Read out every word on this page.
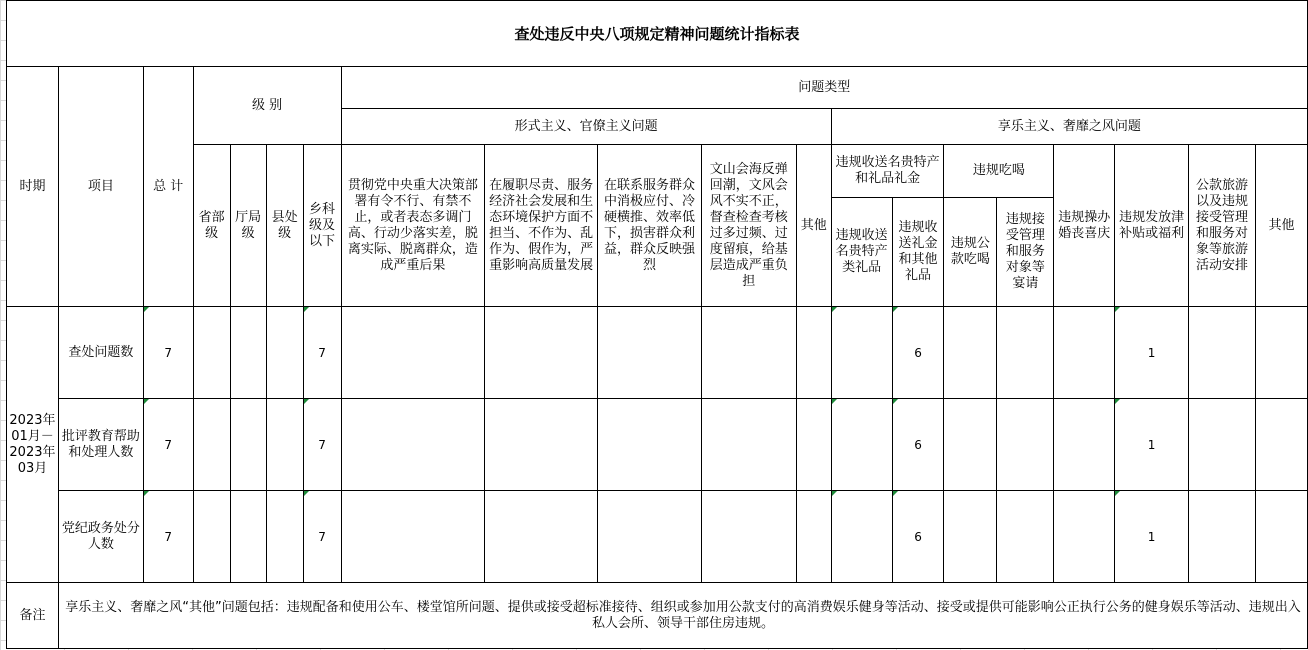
查处违反中央八项规定精神问题统计指标表																			
时期	项目	总 计	级 别				问题类型												
							形式主义、官僚主义问题					享乐主义、奢靡之风问题							
			省部级	厅局级	县处级	乡科级及以下	贯彻党中央重大决策部署有令不行、有禁不止，或者表态多调门高、行动少落实差，脱离实际、脱离群众，造成严重后果	在履职尽责、服务经济社会发展和生态环境保护方面不担当、不作为、乱作为、假作为，严重影响高质量发展	在联系服务群众中消极应付、冷硬横推、效率低下，损害群众利益，群众反映强烈	文山会海反弹回潮，文风会风不实不正，督查检查考核过多过频、过度留痕，给基层造成严重负担	其他	违规收送名贵特产和礼品礼金		违规吃喝		违规操办婚丧喜庆	违规发放津补贴或福利	公款旅游以及违规接受管理和服务对象等旅游活动安排	其他
												违规收送名贵特产类礼品	违规收送礼金和其他礼品	违规公款吃喝	违规接受管理和服务对象等宴请				
2023年01月－2023年03月	查处问题数	7				7							6				1		
	批评教育帮助和处理人数	7				7							6				1		
	党纪政务处分人数	7				7							6				1		
备注	享乐主义、奢靡之风“其他”问题包括：违规配备和使用公车、楼堂馆所问题、提供或接受超标准接待、组织或参加用公款支付的高消费娱乐健身等活动、接受或提供可能影响公正执行公务的健身娱乐等活动、违规出入私人会所、领导干部住房违规。																		
